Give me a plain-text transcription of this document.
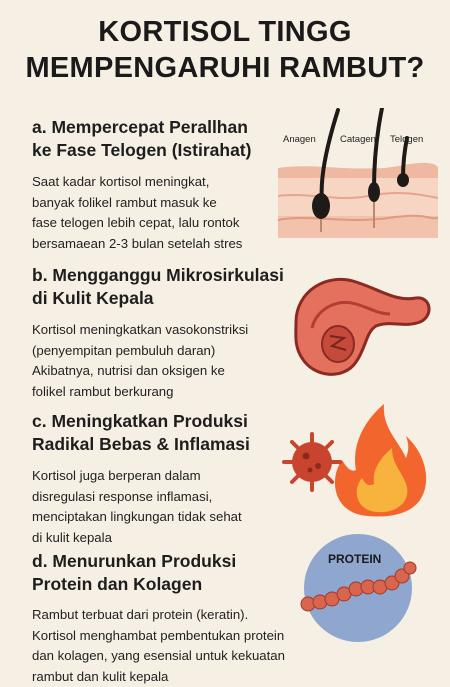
KORTISOL TINGG
MEMPENGARUHI RAMBUT?
a. Mempercepat Perallhan
ke Fase Telogen (Istirahat)
Saat kadar kortisol meningkat,
banyak folikel rambut masuk ke
fase telogen lebih cepat, lalu rontok
bersamaean 2-3 bulan setelah stres
b. Mengganggu Mikrosirkulasi
di Kulit Kepala
Kortisol meningkatkan vasokonstriksi
(penyempitan pembuluh daran)
Akibatnya, nutrisi dan oksigen ke
folikel rambut berkurang
c. Meningkatkan Produksi
Radikal Bebas & Inflamasi
Kortisol juga berperan dalam
disregulasi response inflamasi,
menciptakan lingkungan tidak sehat
di kulit kepala
d. Menurunkan Produksi
Protein dan Kolagen
Rambut terbuat dari protein (keratin).
Kortisol menghambat pembentukan protein
dan kolagen, yang esensial untuk kekuatan
rambut dan kulit kepala
Anagen	Catagen Telogen
PROTEIN
